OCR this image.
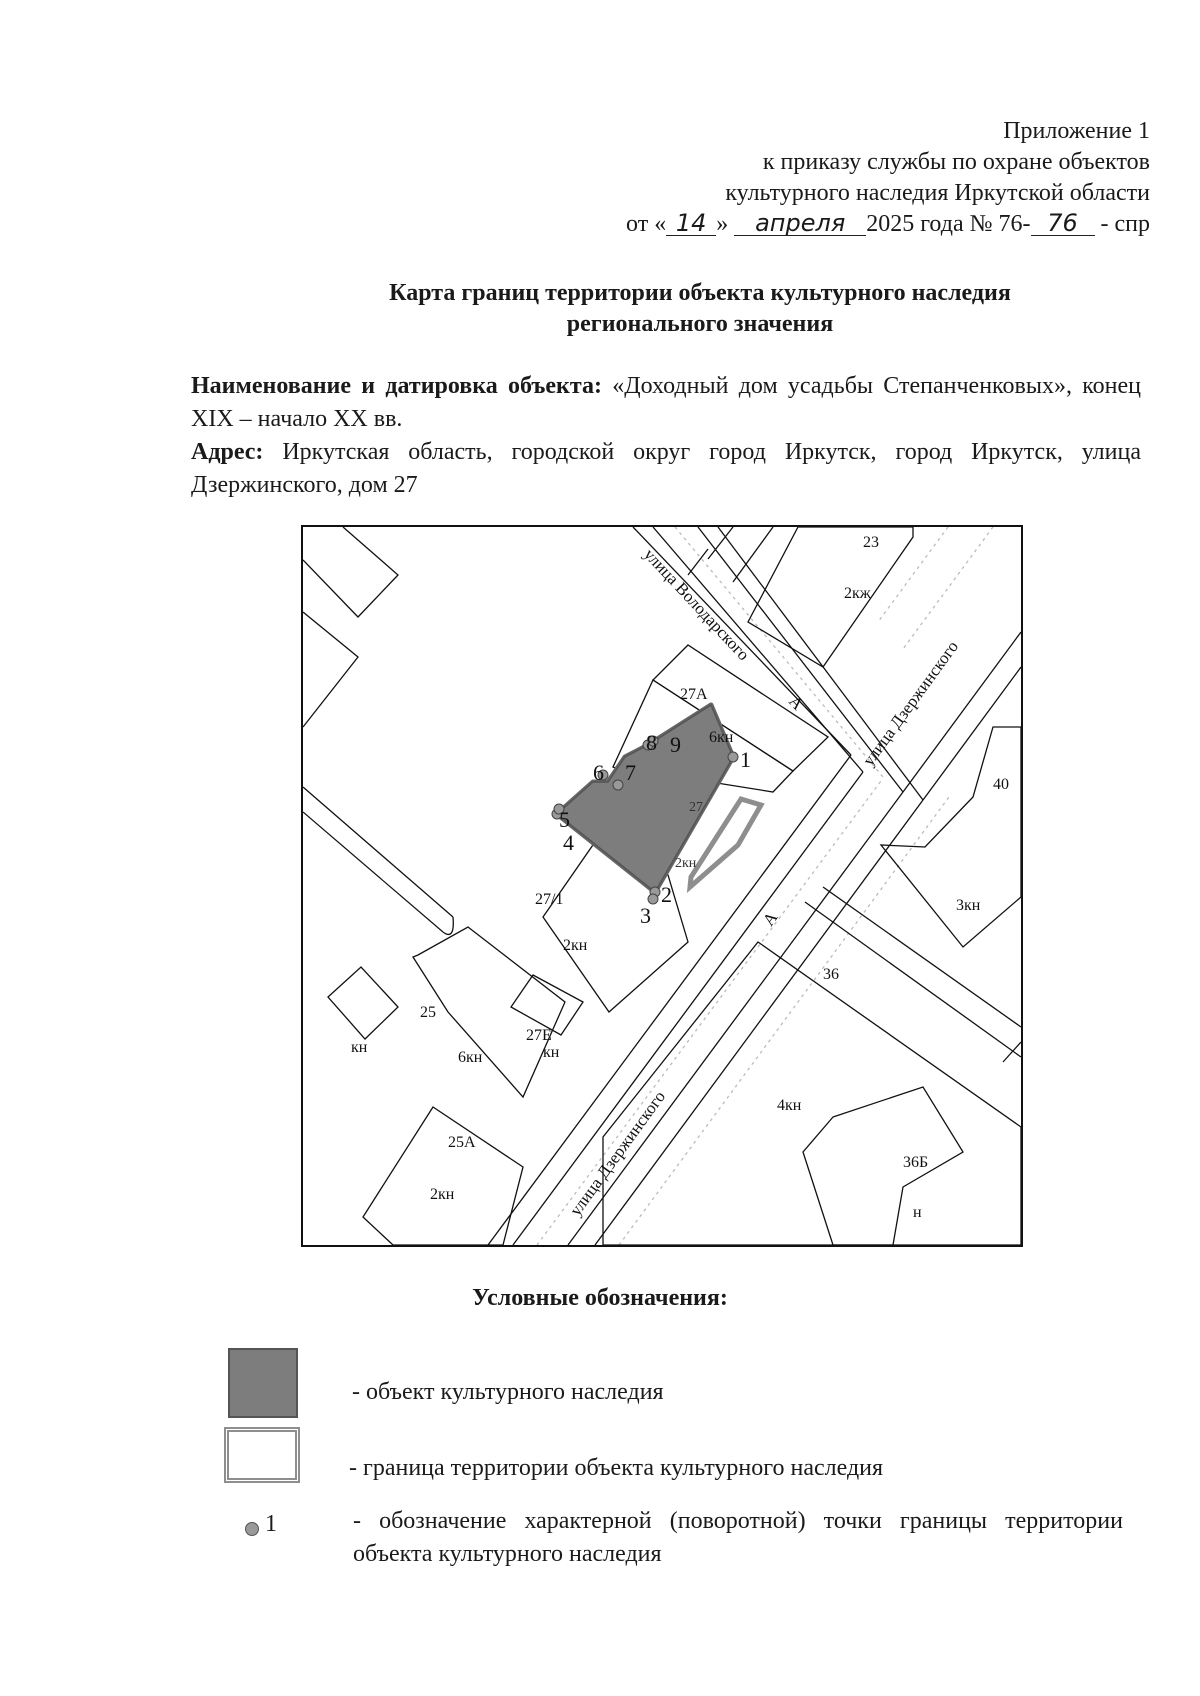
Приложение 1
к приказу службы по охране объектов
культурного наследия Иркутской области
от « 14 » апреля 2025 года № 76- 76 - спр
Карта границ территории объекта культурного наследия
регионального значения
Наименование и датировка объекта: «Доходный дом усадьбы Степанченковых», конец XIX – начало XX вв.
Адрес: Иркутская область, городской округ город Иркутск, город Иркутск, улица Дзержинского, дом 27
улица Володарского
улица Дзержинского
улица Дзержинского
А
А
23
2кж
27А
6кн
27
2кн
27/1
2кн
25
6кн
27Е
кн
кн
25А
2кн
40
3кн
36
4кн
36Б
н
1
2
3
4
5
6 7
8 9
Условные обозначения:
- объект культурного наследия
- граница территории объекта культурного наследия
1	- обозначение характерной (поворотной) точки границы территории объекта культурного наследия
